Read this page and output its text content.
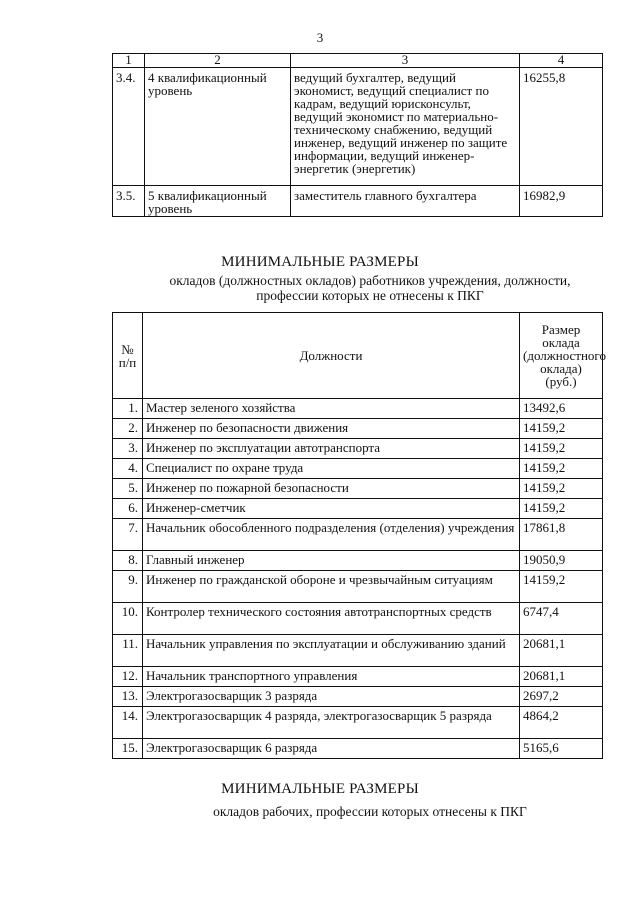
3
1	2	3	4
3.4.	4 квалификационный уровень	ведущий бухгалтер, ведущий экономист, ведущий специалист по кадрам, ведущий юрисконсульт, ведущий экономист по материально-техническому снабжению, ведущий инженер, ведущий инженер по защите информации, ведущий инженер-энергетик (энергетик)	16255,8
3.5.	5 квалификационный уровень	заместитель главного бухгалтера	16982,9
МИНИМАЛЬНЫЕ РАЗМЕРЫ
окладов (должностных окладов) работников учреждения, должности, профессии которых не отнесены к ПКГ
№ п/п	Должности	Размер оклада (должностного оклада) (руб.)
1.	Мастер зеленого хозяйства	13492,6
2.	Инженер по безопасности движения	14159,2
3.	Инженер по эксплуатации автотранспорта	14159,2
4.	Специалист по охране труда	14159,2
5.	Инженер по пожарной безопасности	14159,2
6.	Инженер-сметчик	14159,2
7.	Начальник обособленного подразделения (отделения) учреждения	17861,8
8.	Главный инженер	19050,9
9.	Инженер по гражданской обороне и чрезвычайным ситуациям	14159,2
10.	Контролер технического состояния автотранспортных средств	6747,4
11.	Начальник управления по эксплуатации и обслуживанию зданий	20681,1
12.	Начальник транспортного управления	20681,1
13.	Электрогазосварщик 3 разряда	2697,2
14.	Электрогазосварщик 4 разряда, электрогазосварщик 5 разряда	4864,2
15.	Электрогазосварщик 6 разряда	5165,6
МИНИМАЛЬНЫЕ РАЗМЕРЫ
окладов рабочих, профессии которых отнесены к ПКГ
